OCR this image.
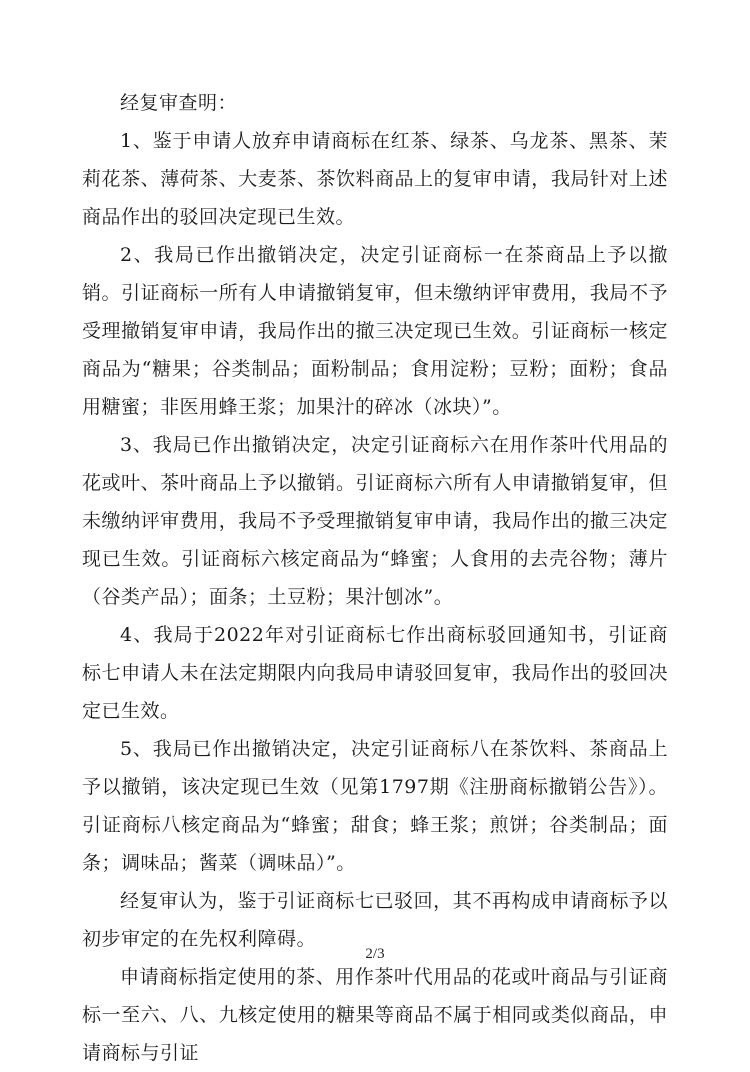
经复审查明：

1、鉴于申请人放弃申请商标在红茶、绿茶、乌龙茶、黑茶、茉莉花茶、薄荷茶、大麦茶、茶饮料商品上的复审申请，我局针对上述商品作出的驳回决定现已生效。

2、我局已作出撤销决定，决定引证商标一在茶商品上予以撤销。引证商标一所有人申请撤销复审，但未缴纳评审费用，我局不予受理撤销复审申请，我局作出的撤三决定现已生效。引证商标一核定商品为“糖果；谷类制品；面粉制品；食用淀粉；豆粉；面粉；食品用糖蜜；非医用蜂王浆；加果汁的碎冰（冰块）”。

3、我局已作出撤销决定，决定引证商标六在用作茶叶代用品的花或叶、茶叶商品上予以撤销。引证商标六所有人申请撤销复审，但未缴纳评审费用，我局不予受理撤销复审申请，我局作出的撤三决定现已生效。引证商标六核定商品为“蜂蜜；人食用的去壳谷物；薄片（谷类产品）；面条；土豆粉；果汁刨冰”。

4、我局于2022年对引证商标七作出商标驳回通知书，引证商标七申请人未在法定期限内向我局申请驳回复审，我局作出的驳回决定已生效。

5、我局已作出撤销决定，决定引证商标八在茶饮料、茶商品上予以撤销，该决定现已生效（见第1797期《注册商标撤销公告》）。 引证商标八核定商品为“蜂蜜；甜食；蜂王浆；煎饼；谷类制品；面条；调味品；酱菜（调味品）”。

经复审认为，鉴于引证商标七已驳回，其不再构成申请商标予以初步审定的在先权利障碍。

申请商标指定使用的茶、用作茶叶代用品的花或叶商品与引证商标一至六、八、九核定使用的糖果等商品不属于相同或类似商品，申请商标与引证

2/3
